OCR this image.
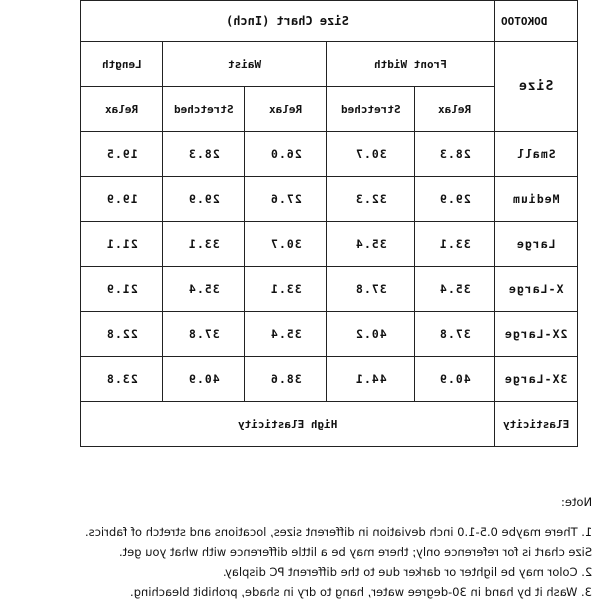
Size Chart (Inch)					DOKOTOO
Length	Waist		Front Width		Size
Relax	Stretched	Relax	Stretched	Relax	
19.5	28.3	26.0	30.7	28.3	Small
19.9	29.9	27.6	32.3	29.9	Medium
21.1	33.1	30.7	35.4	33.1	Large
21.9	35.4	33.1	37.8	35.4	X-Large
22.8	37.8	35.4	40.2	37.8	2X-Large
23.8	40.9	38.6	44.1	40.9	3X-Large
High Elasticity					Elasticity
Note:
1. There maybe 0.5-1.0 inch deviation in different sizes, locations and stretch of fabrics.
Size chart is for reference only; there may be a little difference with what you get.
2. Color may be lighter or darker due to the different PC display.
3. Wash it by hand in 30-degree water, hang to dry in shade, prohibit bleaching.
